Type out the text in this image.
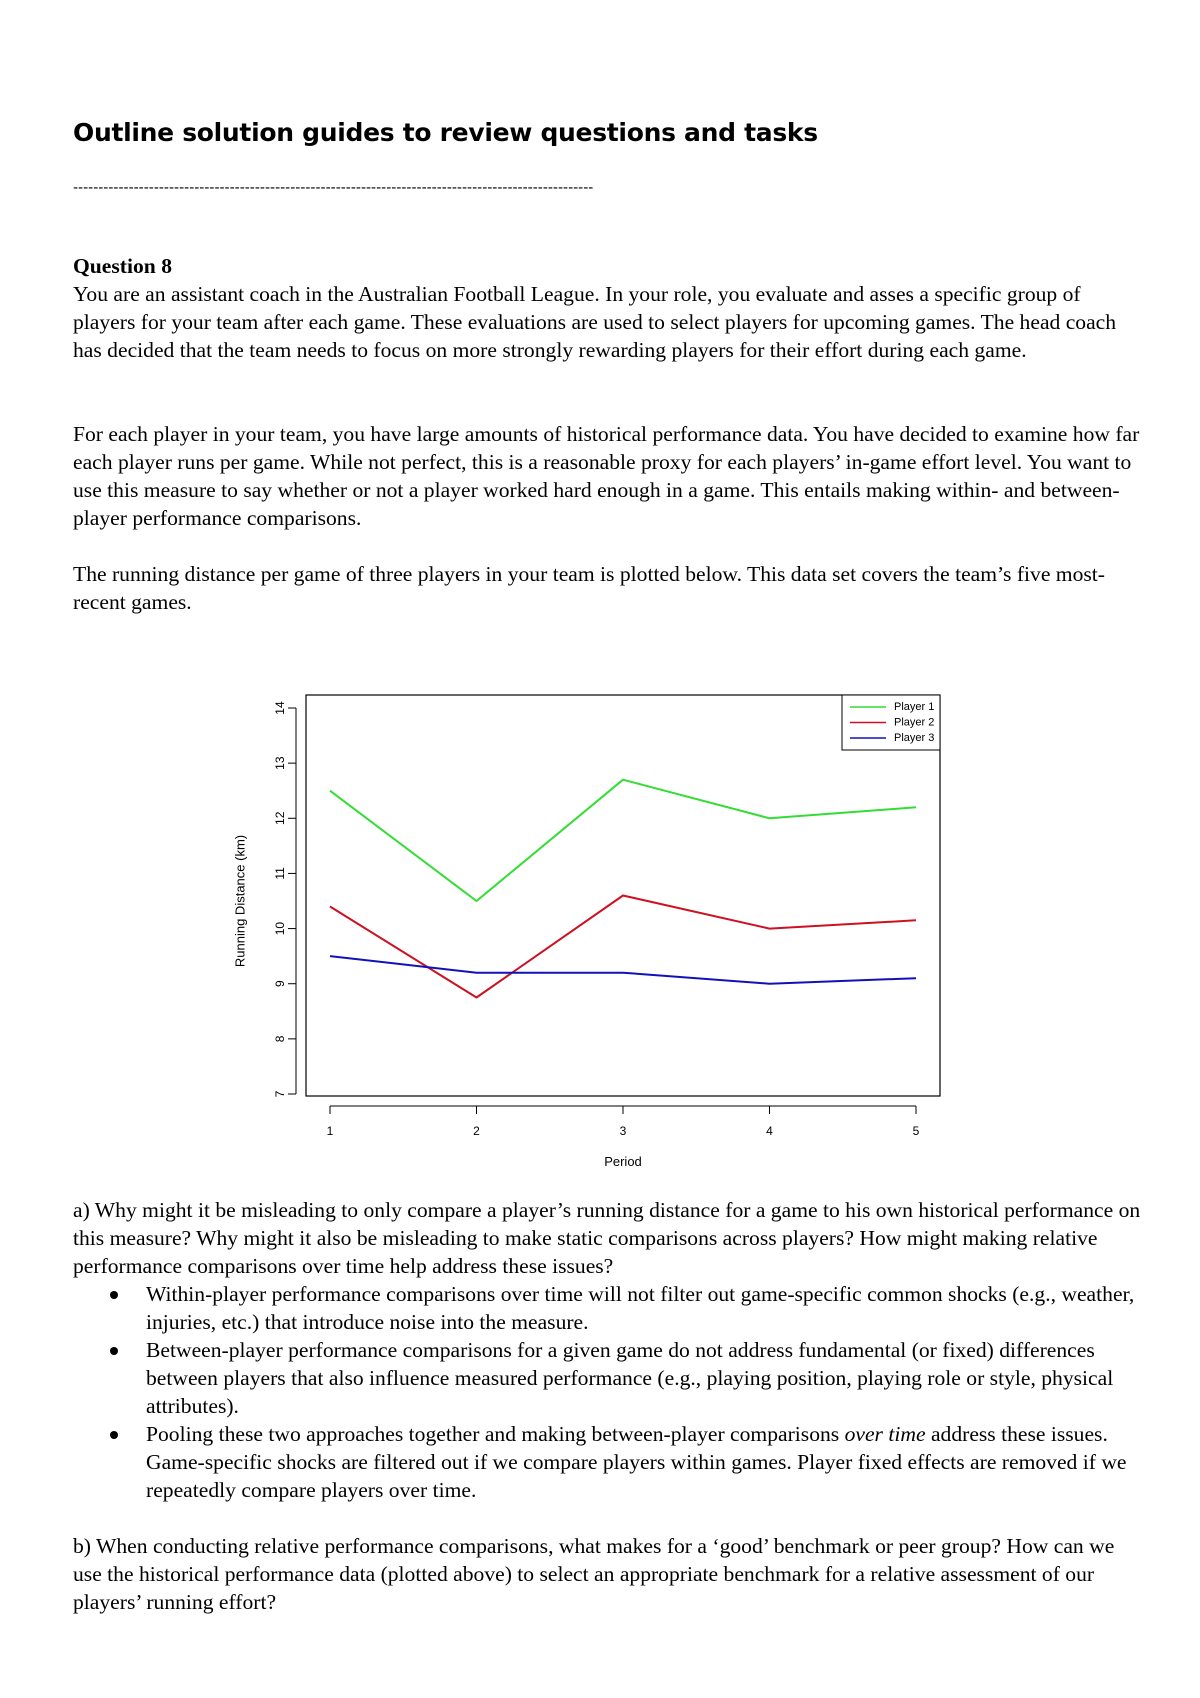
Outline solution guides to review questions and tasks
-------------------------------------------------------------------------------------------------------

Question 8

You are an assistant coach in the Australian Football League. In your role, you evaluate and asses a specific group of players for your team after each game. These evaluations are used to select players for upcoming games. The head coach has decided that the team needs to focus on more strongly rewarding players for their effort during each game.

For each player in your team, you have large amounts of historical performance data. You have decided to examine how far each player runs per game. While not perfect, this is a reasonable proxy for each players’ in-game effort level. You want to use this measure to say whether or not a player worked hard enough in a game. This entails making within- and between-player performance comparisons.
The running distance per game of three players in your team is plotted below. This data set covers the team’s five most-recent games.
7
8
9
10
11
12
13
14
1	2	3	4	5
Period
Running Distance (km)
Player 1
Player 2
Player 3

a) Why might it be misleading to only compare a player’s running distance for a game to his own historical performance on this measure? Why might it also be misleading to make static comparisons across players? How might making relative performance comparisons over time help address these issues?

Within-player performance comparisons over time will not filter out game-specific common shocks (e.g., weather, injuries, etc.) that introduce noise into the measure.
Between-player performance comparisons for a given game do not address fundamental (or fixed) differences between players that also influence measured performance (e.g., playing position, playing role or style, physical attributes).
Pooling these two approaches together and making between-player comparisons over time address these issues. Game-specific shocks are filtered out if we compare players within games. Player fixed effects are removed if we repeatedly compare players over time.
b) When conducting relative performance comparisons, what makes for a ‘good’ benchmark or peer group? How can we use the historical performance data (plotted above) to select an appropriate benchmark for a relative assessment of our players’ running effort?
